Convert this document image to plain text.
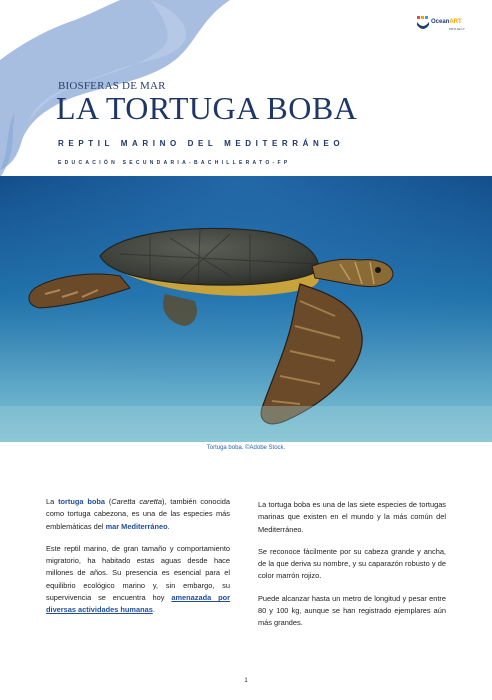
OceanART
PROJECT
BIOSFERAS DE MAR
LA TORTUGA BOBA
REPTIL MARINO DEL MEDITERRÁNEO
EDUCACIÓN SECUNDARIA-BACHILLERATO-FP
Tortuga boba. ©Adobe Stock.

La tortuga boba (Caretta caretta), también conocida como tortuga cabezona, es una de las especies más emblemáticas del mar Mediterráneo.

Este reptil marino, de gran tamaño y comportamiento migratorio, ha habitado estas aguas desde hace millones de años. Su presencia es esencial para el equilibrio ecológico marino y, sin embargo, su supervivencia se encuentra hoy amenazada por diversas actividades humanas.

La tortuga boba es una de las siete especies de tortugas marinas que existen en el mundo y la más común del Mediterráneo.

Se reconoce fácilmente por su cabeza grande y ancha, de la que deriva su nombre, y su caparazón robusto y de color marrón rojizo.

Puede alcanzar hasta un metro de longitud y pesar entre 80 y 100 kg, aunque se han registrado ejemplares aún más grandes.

1
